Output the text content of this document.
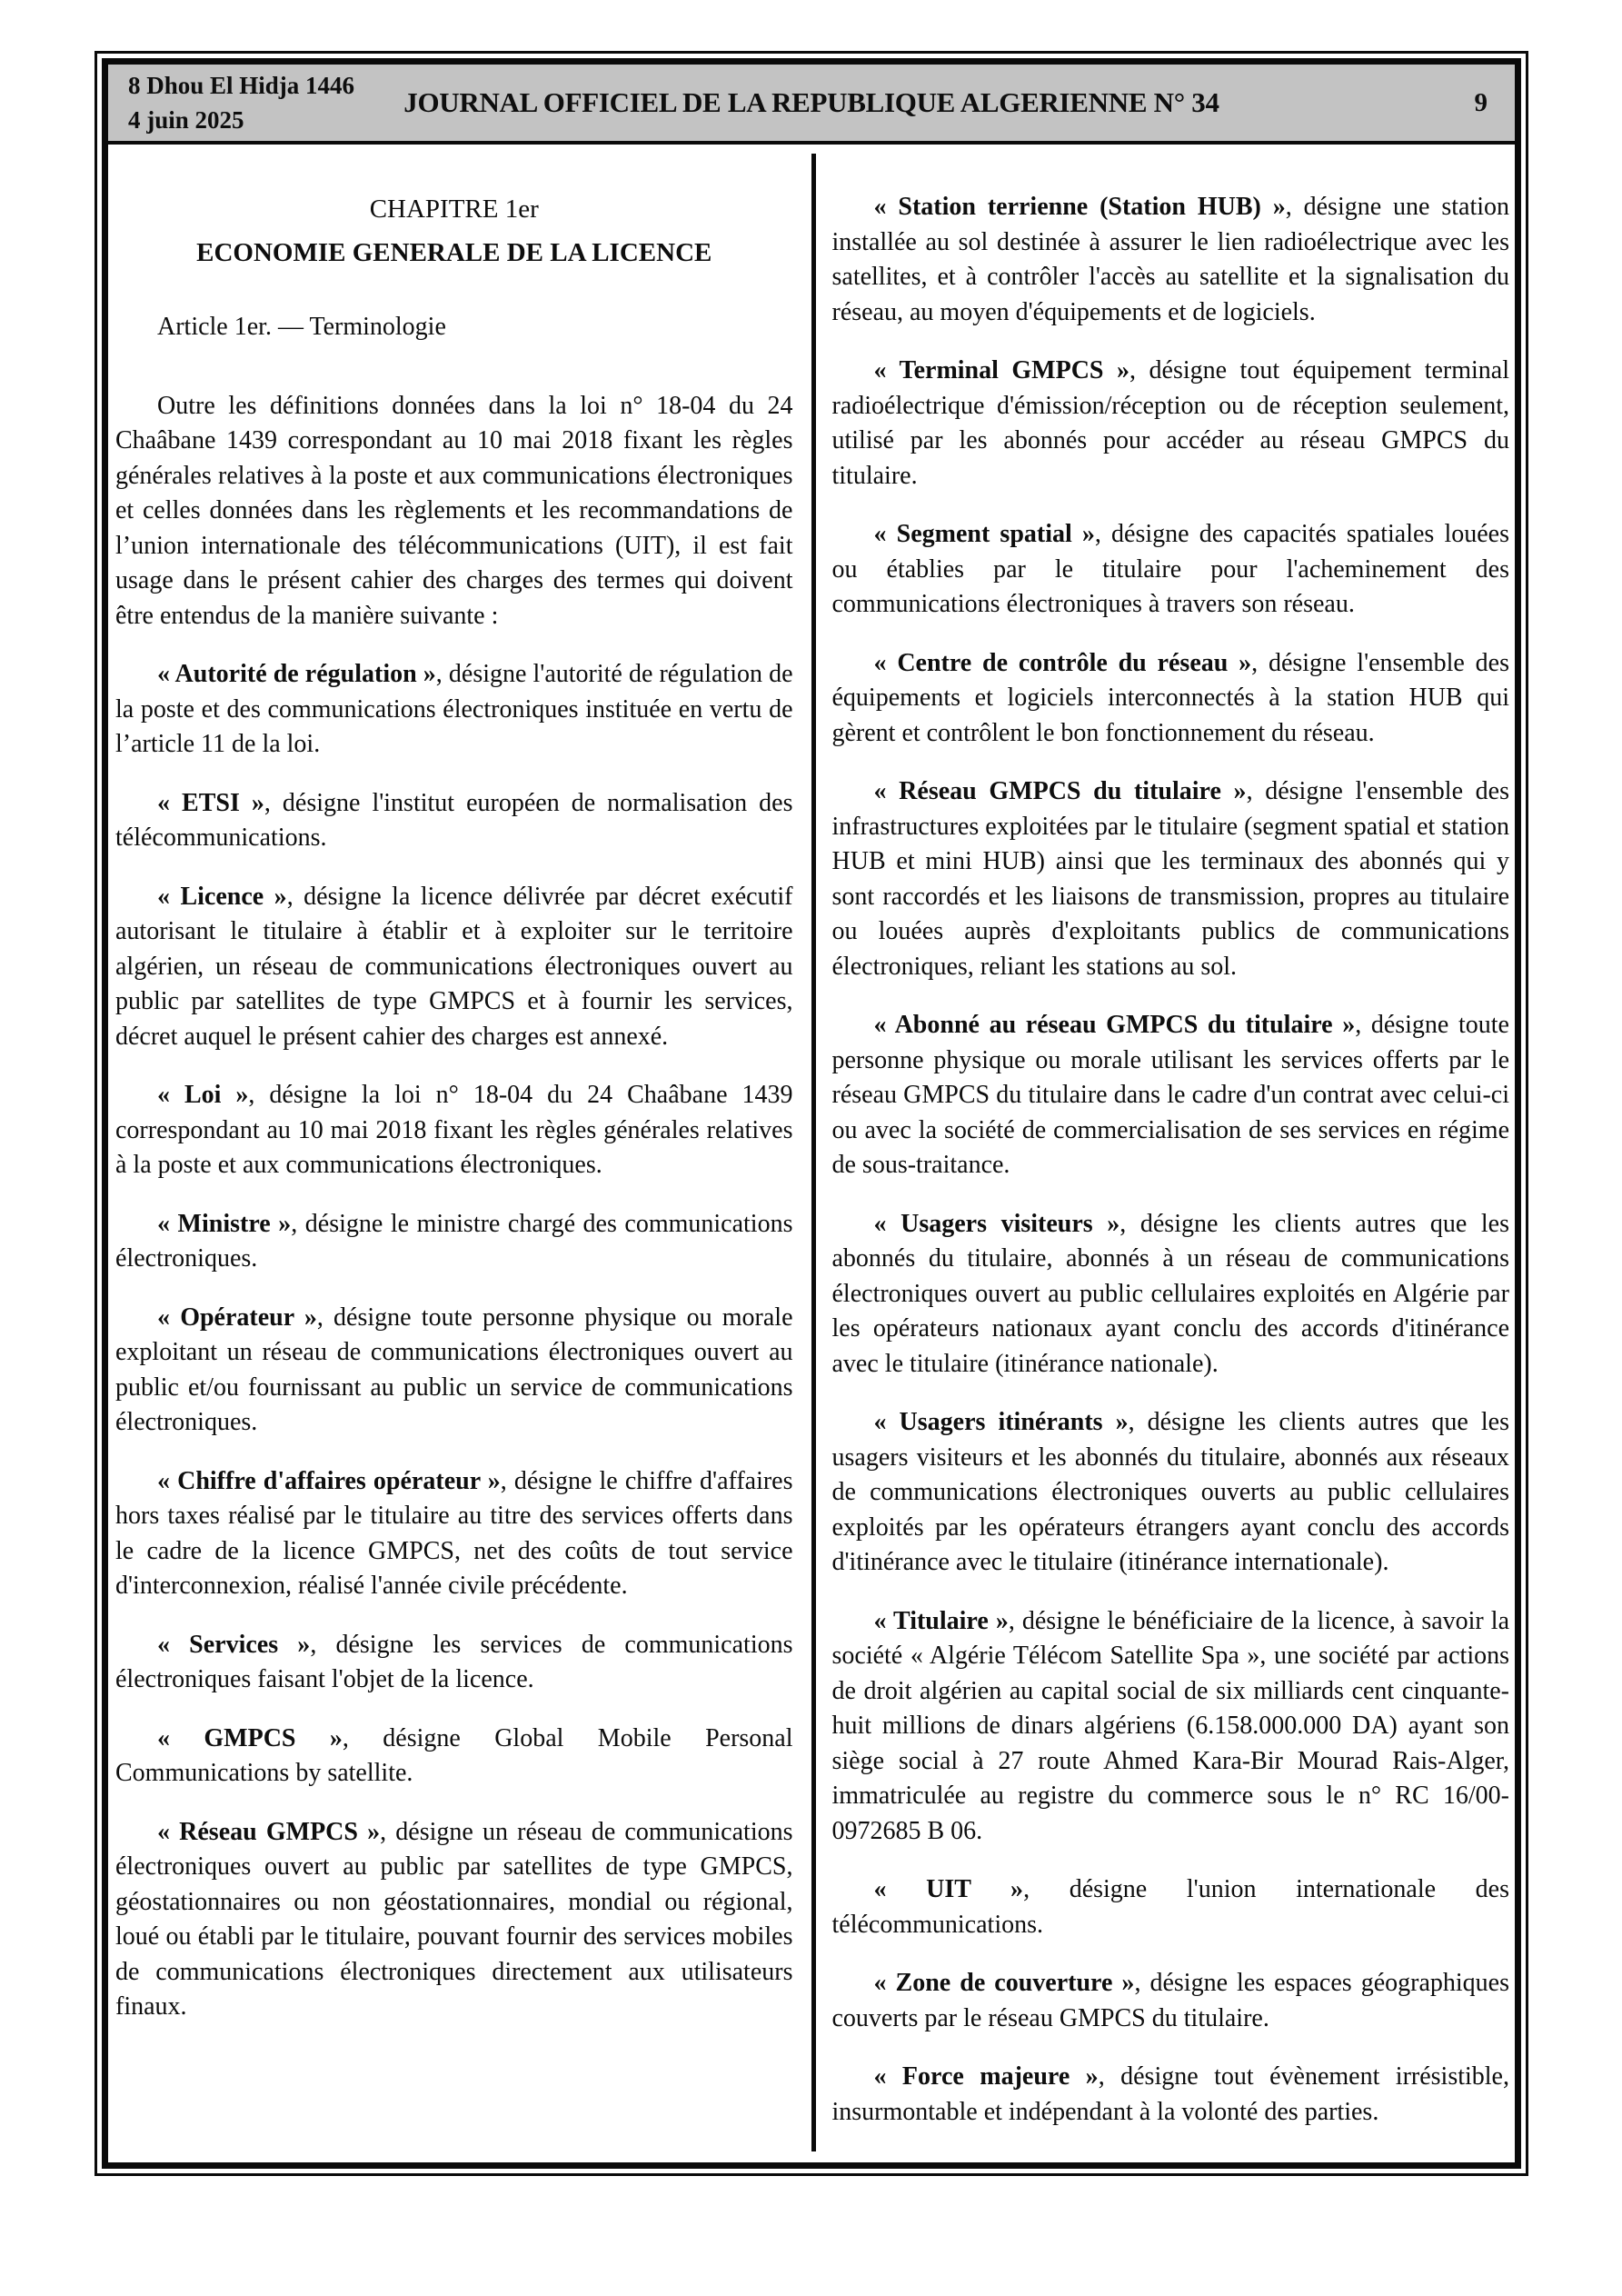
8 Dhou El Hidja 1446
4 juin 2025
JOURNAL OFFICIEL DE LA REPUBLIQUE ALGERIENNE N° 34	9

CHAPITRE 1er

ECONOMIE GENERALE DE LA LICENCE

Article 1er. — Terminologie

Outre les définitions données dans la loi n° 18-04 du 24 Chaâbane 1439 correspondant au 10 mai 2018 fixant les règles générales relatives à la poste et aux communications électroniques et celles données dans les règlements et les recommandations de l’union internationale des télécommunications (UIT), il est fait usage dans le présent cahier des charges des termes qui doivent être entendus de la manière suivante :

« Autorité de régulation », désigne l'autorité de régulation de la poste et des communications électroniques instituée en vertu de l’article 11 de la loi.

« ETSI », désigne l'institut européen de normalisation des télécommunications.

« Licence », désigne la licence délivrée par décret exécutif autorisant le titulaire à établir et à exploiter sur le territoire algérien, un réseau de communications électroniques ouvert au public par satellites de type GMPCS et à fournir les services, décret auquel le présent cahier des charges est annexé.

« Loi », désigne la loi n° 18-04 du 24 Chaâbane 1439 correspondant au 10 mai 2018 fixant les règles générales relatives à la poste et aux communications électroniques.

« Ministre », désigne le ministre chargé des communications électroniques.

« Opérateur », désigne toute personne physique ou morale exploitant un réseau de communications électroniques ouvert au public et/ou fournissant au public un service de communications électroniques.

« Chiffre d'affaires opérateur », désigne le chiffre d'affaires hors taxes réalisé par le titulaire au titre des services offerts dans le cadre de la licence GMPCS, net des coûts de tout service d'interconnexion, réalisé l'année civile précédente.

« Services », désigne les services de communications électroniques faisant l'objet de la licence.

« GMPCS », désigne Global Mobile Personal Communications by satellite.

« Réseau GMPCS », désigne un réseau de communications électroniques ouvert au public par satellites de type GMPCS, géostationnaires ou non géostationnaires, mondial ou régional, loué ou établi par le titulaire, pouvant fournir des services mobiles de communications électroniques directement aux utilisateurs finaux.

« Station terrienne (Station HUB) », désigne une station installée au sol destinée à assurer le lien radioélectrique avec les satellites, et à contrôler l'accès au satellite et la signalisation du réseau, au moyen d'équipements et de logiciels.

« Terminal GMPCS », désigne tout équipement terminal radioélectrique d'émission/réception ou de réception seulement, utilisé par les abonnés pour accéder au réseau GMPCS du titulaire.

« Segment spatial », désigne des capacités spatiales louées ou établies par le titulaire pour l'acheminement des communications électroniques à travers son réseau.

« Centre de contrôle du réseau », désigne l'ensemble des équipements et logiciels interconnectés à la station HUB qui gèrent et contrôlent le bon fonctionnement du réseau.

« Réseau GMPCS du titulaire », désigne l'ensemble des infrastructures exploitées par le titulaire (segment spatial et station HUB et mini HUB) ainsi que les terminaux des abonnés qui y sont raccordés et les liaisons de transmission, propres au titulaire ou louées auprès d'exploitants publics de communications électroniques, reliant les stations au sol.

« Abonné au réseau GMPCS du titulaire », désigne toute personne physique ou morale utilisant les services offerts par le réseau GMPCS du titulaire dans le cadre d'un contrat avec celui-ci ou avec la société de commercialisation de ses services en régime de sous-traitance.

« Usagers visiteurs », désigne les clients autres que les abonnés du titulaire, abonnés à un réseau de communications électroniques ouvert au public cellulaires exploités en Algérie par les opérateurs nationaux ayant conclu des accords d'itinérance avec le titulaire (itinérance nationale).

« Usagers itinérants », désigne les clients autres que les usagers visiteurs et les abonnés du titulaire, abonnés aux réseaux de communications électroniques ouverts au public cellulaires exploités par les opérateurs étrangers ayant conclu des accords d'itinérance avec le titulaire (itinérance internationale).

« Titulaire », désigne le bénéficiaire de la licence, à savoir la société « Algérie Télécom Satellite Spa », une société par actions de droit algérien au capital social de six milliards cent cinquante-huit millions de dinars algériens (6.158.000.000 DA) ayant son siège social à 27 route Ahmed Kara-Bir Mourad Rais-Alger, immatriculée au registre du commerce sous le n° RC 16/00-0972685 B 06.

« UIT », désigne l'union internationale des télécommunications.

« Zone de couverture », désigne les espaces géographiques couverts par le réseau GMPCS du titulaire.

« Force majeure », désigne tout évènement irrésistible, insurmontable et indépendant à la volonté des parties.
